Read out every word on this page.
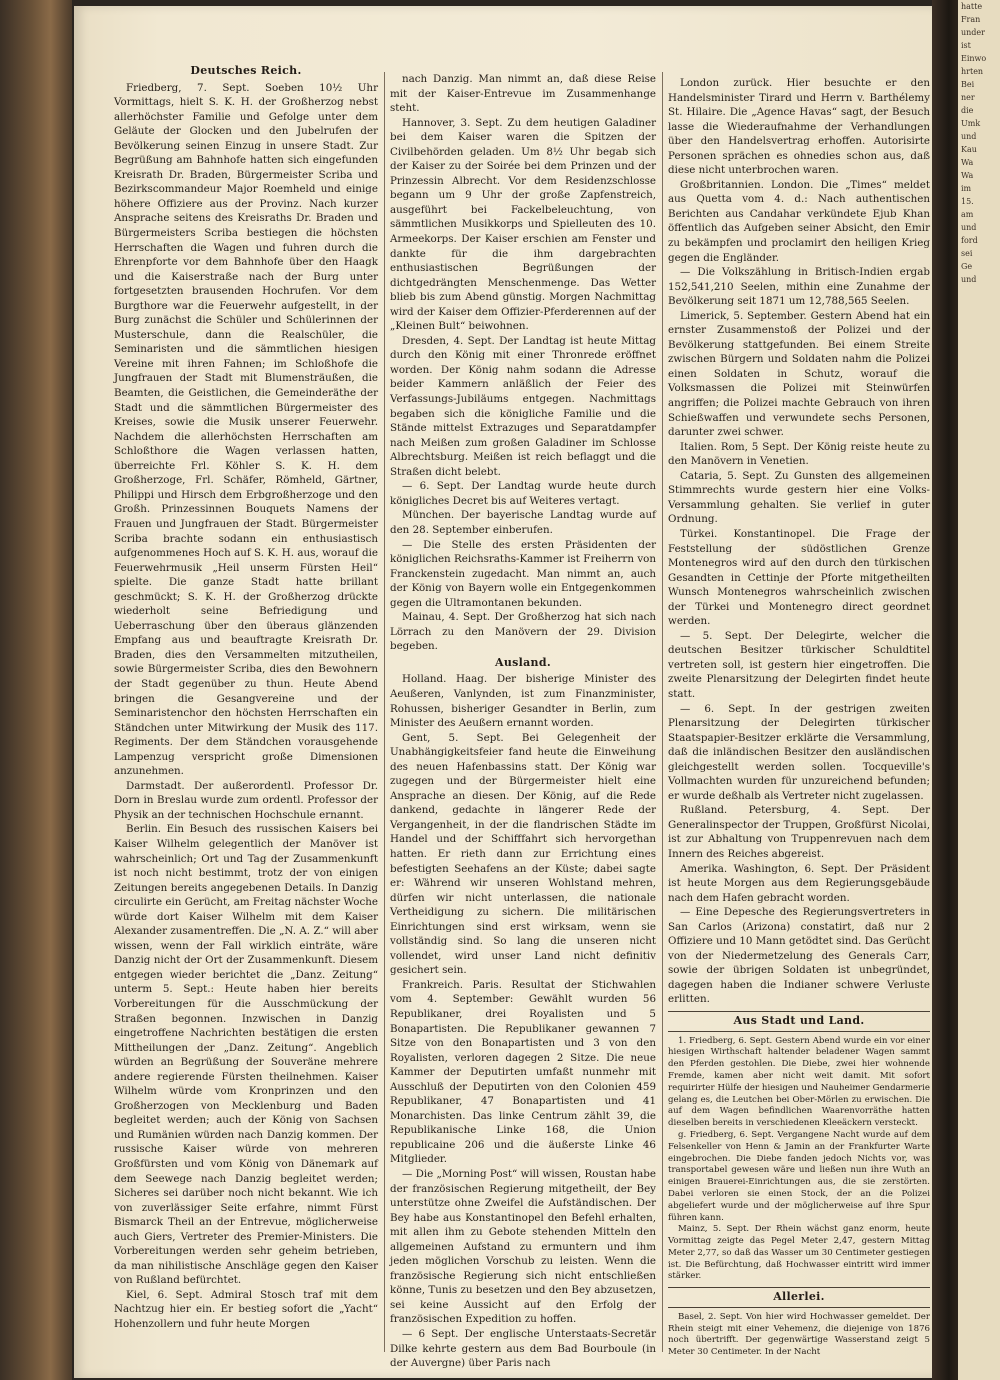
Deutsches Reich.

Friedberg, 7. Sept. Soeben 10½ Uhr Vormittags, hielt S. K. H. der Großherzog nebst allerhöchster Familie und Gefolge unter dem Geläute der Glocken und den Jubelrufen der Bevölkerung seinen Einzug in unsere Stadt. Zur Begrüßung am Bahnhofe hatten sich eingefunden Kreisrath Dr. Braden, Bürgermeister Scriba und Bezirkscommandeur Major Roemheld und einige höhere Offiziere aus der Provinz. Nach kurzer Ansprache seitens des Kreisraths Dr. Braden und Bürgermeisters Scriba bestiegen die höchsten Herrschaften die Wagen und fuhren durch die Ehrenpforte vor dem Bahnhofe über den Haagk und die Kaiserstraße nach der Burg unter fortgesetzten brausenden Hochrufen. Vor dem Burgthore war die Feuerwehr aufgestellt, in der Burg zunächst die Schüler und Schülerinnen der Musterschule, dann die Realschüler, die Seminaristen und die sämmtlichen hiesigen Vereine mit ihren Fahnen; im Schloßhofe die Jungfrauen der Stadt mit Blumensträußen, die Beamten, die Geistlichen, die Gemeinderäthe der Stadt und die sämmtlichen Bürgermeister des Kreises, sowie die Musik unserer Feuerwehr. Nachdem die allerhöchsten Herrschaften am Schloßthore die Wagen verlassen hatten, überreichte Frl. Köhler S. K. H. dem Großherzoge, Frl. Schäfer, Römheld, Gärtner, Philippi und Hirsch dem Erbgroßherzoge und den Großh. Prinzessinnen Bouquets Namens der Frauen und Jungfrauen der Stadt. Bürgermeister Scriba brachte sodann ein enthusiastisch aufgenommenes Hoch auf S. K. H. aus, worauf die Feuerwehrmusik „Heil unserm Fürsten Heil“ spielte. Die ganze Stadt hatte brillant geschmückt; S. K. H. der Großherzog drückte wiederholt seine Befriedigung und Ueberraschung über den überaus glänzenden Empfang aus und beauftragte Kreisrath Dr. Braden, dies den Versammelten mitzutheilen, sowie Bürgermeister Scriba, dies den Bewohnern der Stadt gegenüber zu thun. Heute Abend bringen die Gesangvereine und der Seminaristenchor den höchsten Herrschaften ein Ständchen unter Mitwirkung der Musik des 117. Regiments. Der dem Ständchen vorausgehende Lampenzug verspricht große Dimensionen anzunehmen.

Darmstadt. Der außerordentl. Professor Dr. Dorn in Breslau wurde zum ordentl. Professor der Physik an der technischen Hochschule ernannt.

Berlin. Ein Besuch des russischen Kaisers bei Kaiser Wilhelm gelegentlich der Manöver ist wahrscheinlich; Ort und Tag der Zusammenkunft ist noch nicht bestimmt, trotz der von einigen Zeitungen bereits angegebenen Details. In Danzig circulirte ein Gerücht, am Freitag nächster Woche würde dort Kaiser Wilhelm mit dem Kaiser Alexander zusamentreffen. Die „N. A. Z.“ will aber wissen, wenn der Fall wirklich einträte, wäre Danzig nicht der Ort der Zusammenkunft. Diesem entgegen wieder berichtet die „Danz. Zeitung“ unterm 5. Sept.: Heute haben hier bereits Vorbereitungen für die Ausschmückung der Straßen begonnen. Inzwischen in Danzig eingetroffene Nachrichten bestätigen die ersten Mittheilungen der „Danz. Zeitung“. Angeblich würden an Begrüßung der Souveräne mehrere andere regierende Fürsten theilnehmen. Kaiser Wilhelm würde vom Kronprinzen und den Großherzogen von Mecklenburg und Baden begleitet werden; auch der König von Sachsen und Rumänien würden nach Danzig kommen. Der russische Kaiser würde von mehreren Großfürsten und vom König von Dänemark auf dem Seewege nach Danzig begleitet werden; Sicheres sei darüber noch nicht bekannt. Wie ich von zuverlässiger Seite erfahre, nimmt Fürst Bismarck Theil an der Entrevue, möglicherweise auch Giers, Vertreter des Premier-Ministers. Die Vorbereitungen werden sehr geheim betrieben, da man nihilistische Anschläge gegen den Kaiser von Rußland befürchtet.

Kiel, 6. Sept. Admiral Stosch traf mit dem Nachtzug hier ein. Er bestieg sofort die „Yacht“ Hohenzollern und fuhr heute Morgen

nach Danzig. Man nimmt an, daß diese Reise mit der Kaiser-Entrevue im Zusammenhange steht.

Hannover, 3. Sept. Zu dem heutigen Galadiner bei dem Kaiser waren die Spitzen der Civilbehörden geladen. Um 8½ Uhr begab sich der Kaiser zu der Soirée bei dem Prinzen und der Prinzessin Albrecht. Vor dem Residenzschlosse begann um 9 Uhr der große Zapfenstreich, ausgeführt bei Fackelbeleuchtung, von sämmtlichen Musikkorps und Spielleuten des 10. Armeekorps. Der Kaiser erschien am Fenster und dankte für die ihm dargebrachten enthusiastischen Begrüßungen der dichtgedrängten Menschenmenge. Das Wetter blieb bis zum Abend günstig. Morgen Nachmittag wird der Kaiser dem Offizier-Pferderennen auf der „Kleinen Bult“ beiwohnen.

Dresden, 4. Sept. Der Landtag ist heute Mittag durch den König mit einer Thronrede eröffnet worden. Der König nahm sodann die Adresse beider Kammern anläßlich der Feier des Verfassungs-Jubiläums entgegen. Nachmittags begaben sich die königliche Familie und die Stände mittelst Extrazuges und Separatdampfer nach Meißen zum großen Galadiner im Schlosse Albrechtsburg. Meißen ist reich beflaggt und die Straßen dicht belebt.

— 6. Sept. Der Landtag wurde heute durch königliches Decret bis auf Weiteres vertagt.

München. Der bayerische Landtag wurde auf den 28. September einberufen.

— Die Stelle des ersten Präsidenten der königlichen Reichsraths-Kammer ist Freiherrn von Franckenstein zugedacht. Man nimmt an, auch der König von Bayern wolle ein Entgegenkommen gegen die Ultramontanen bekunden.

Mainau, 4. Sept. Der Großherzog hat sich nach Lörrach zu den Manövern der 29. Division begeben.

Ausland.

Holland. Haag. Der bisherige Minister des Aeußeren, Vanlynden, ist zum Finanzminister, Rohussen, bisheriger Gesandter in Berlin, zum Minister des Aeußern ernannt worden.

Gent, 5. Sept. Bei Gelegenheit der Unabhängigkeitsfeier fand heute die Einweihung des neuen Hafenbassins statt. Der König war zugegen und der Bürgermeister hielt eine Ansprache an diesen. Der König, auf die Rede dankend, gedachte in längerer Rede der Vergangenheit, in der die flandrischen Städte im Handel und der Schifffahrt sich hervorgethan hatten. Er rieth dann zur Errichtung eines befestigten Seehafens an der Küste; dabei sagte er: Während wir unseren Wohlstand mehren, dürfen wir nicht unterlassen, die nationale Vertheidigung zu sichern. Die militärischen Einrichtungen sind erst wirksam, wenn sie vollständig sind. So lang die unseren nicht vollendet, wird unser Land nicht definitiv gesichert sein.

Frankreich. Paris. Resultat der Stichwahlen vom 4. September: Gewählt wurden 56 Republikaner, drei Royalisten und 5 Bonapartisten. Die Republikaner gewannen 7 Sitze von den Bonapartisten und 3 von den Royalisten, verloren dagegen 2 Sitze. Die neue Kammer der Deputirten umfaßt nunmehr mit Ausschluß der Deputirten von den Colonien 459 Republikaner, 47 Bonapartisten und 41 Monarchisten. Das linke Centrum zählt 39, die Republikanische Linke 168, die Union republicaine 206 und die äußerste Linke 46 Mitglieder.

— Die „Morning Post“ will wissen, Roustan habe der französischen Regierung mitgetheilt, der Bey unterstütze ohne Zweifel die Aufständischen. Der Bey habe aus Konstantinopel den Befehl erhalten, mit allen ihm zu Gebote stehenden Mitteln den allgemeinen Aufstand zu ermuntern und ihm jeden möglichen Vorschub zu leisten. Wenn die französische Regierung sich nicht entschließen könne, Tunis zu besetzen und den Bey abzusetzen, sei keine Aussicht auf den Erfolg der französischen Expedition zu hoffen.

— 6 Sept. Der englische Unterstaats-Secretär Dilke kehrte gestern aus dem Bad Bourboule (in der Auvergne) über Paris nach

London zurück. Hier besuchte er den Handelsminister Tirard und Herrn v. Barthélemy St. Hilaire. Die „Agence Havas“ sagt, der Besuch lasse die Wiederaufnahme der Verhandlungen über den Handelsvertrag erhoffen. Autorisirte Personen sprächen es ohnedies schon aus, daß diese nicht unterbrochen waren.

Großbritannien. London. Die „Times“ meldet aus Quetta vom 4. d.: Nach authentischen Berichten aus Candahar verkündete Ejub Khan öffentlich das Aufgeben seiner Absicht, den Emir zu bekämpfen und proclamirt den heiligen Krieg gegen die Engländer.

— Die Volkszählung in Britisch-Indien ergab 152,541,210 Seelen, mithin eine Zunahme der Bevölkerung seit 1871 um 12,788,565 Seelen.

Limerick, 5. September. Gestern Abend hat ein ernster Zusammenstoß der Polizei und der Bevölkerung stattgefunden. Bei einem Streite zwischen Bürgern und Soldaten nahm die Polizei einen Soldaten in Schutz, worauf die Volksmassen die Polizei mit Steinwürfen angriffen; die Polizei machte Gebrauch von ihren Schießwaffen und verwundete sechs Personen, darunter zwei schwer.

Italien. Rom, 5 Sept. Der König reiste heute zu den Manövern in Venetien.

Cataria, 5. Sept. Zu Gunsten des allgemeinen Stimmrechts wurde gestern hier eine Volks-Versammlung gehalten. Sie verlief in guter Ordnung.

Türkei. Konstantinopel. Die Frage der Feststellung der südöstlichen Grenze Montenegros wird auf den durch den türkischen Gesandten in Cettinje der Pforte mitgetheilten Wunsch Montenegros wahrscheinlich zwischen der Türkei und Montenegro direct geordnet werden.

— 5. Sept. Der Delegirte, welcher die deutschen Besitzer türkischer Schuldtitel vertreten soll, ist gestern hier eingetroffen. Die zweite Plenarsitzung der Delegirten findet heute statt.

— 6. Sept. In der gestrigen zweiten Plenarsitzung der Delegirten türkischer Staatspapier-Besitzer erklärte die Versammlung, daß die inländischen Besitzer den ausländischen gleichgestellt werden sollen. Tocqueville's Vollmachten wurden für unzureichend befunden; er wurde deßhalb als Vertreter nicht zugelassen.

Rußland. Petersburg, 4. Sept. Der Generalinspector der Truppen, Großfürst Nicolai, ist zur Abhaltung von Truppenrevuen nach dem Innern des Reiches abgereist.

Amerika. Washington, 6. Sept. Der Präsident ist heute Morgen aus dem Regierungsgebäude nach dem Hafen gebracht worden.

— Eine Depesche des Regierungsvertreters in San Carlos (Arizona) constatirt, daß nur 2 Offiziere und 10 Mann getödtet sind. Das Gerücht von der Niedermetzelung des Generals Carr, sowie der übrigen Soldaten ist unbegründet, dagegen haben die Indianer schwere Verluste erlitten.

Aus Stadt und Land.

1. Friedberg, 6. Sept. Gestern Abend wurde ein vor einer hiesigen Wirthschaft haltender beladener Wagen sammt den Pferden gestohlen. Die Diebe, zwei hier wohnende Fremde, kamen aber nicht weit damit. Mit sofort requirirter Hülfe der hiesigen und Nauheimer Gendarmerie gelang es, die Leutchen bei Ober-Mörlen zu erwischen. Die auf dem Wagen befindlichen Waarenvorräthe hatten dieselben bereits in verschiedenen Kleeäckern versteckt.

g. Friedberg, 6. Sept. Vergangene Nacht wurde auf dem Felsenkeller von Henn & Jamin an der Frankfurter Warte eingebrochen. Die Diebe fanden jedoch Nichts vor, was transportabel gewesen wäre und ließen nun ihre Wuth an einigen Brauerei-Einrichtungen aus, die sie zerstörten. Dabei verloren sie einen Stock, der an die Polizei abgeliefert wurde und der möglicherweise auf ihre Spur führen kann.

Mainz, 5. Sept. Der Rhein wächst ganz enorm, heute Vormittag zeigte das Pegel Meter 2,47, gestern Mittag Meter 2,77, so daß das Wasser um 30 Centimeter gestiegen ist. Die Befürchtung, daß Hochwasser eintritt wird immer stärker.

Allerlei.

Basel, 2. Sept. Von hier wird Hochwasser gemeldet. Der Rhein steigt mit einer Vehemenz, die diejenige von 1876 noch übertrifft. Der gegenwärtige Wasserstand zeigt 5 Meter 30 Centimeter. In der Nacht

hatte
Fran
under
ist
Einwo
hrten
Bei
ner
die
Umk
und
Kau
Wa
Wa
im
15.
am
und
ford
sei
Ge
und
